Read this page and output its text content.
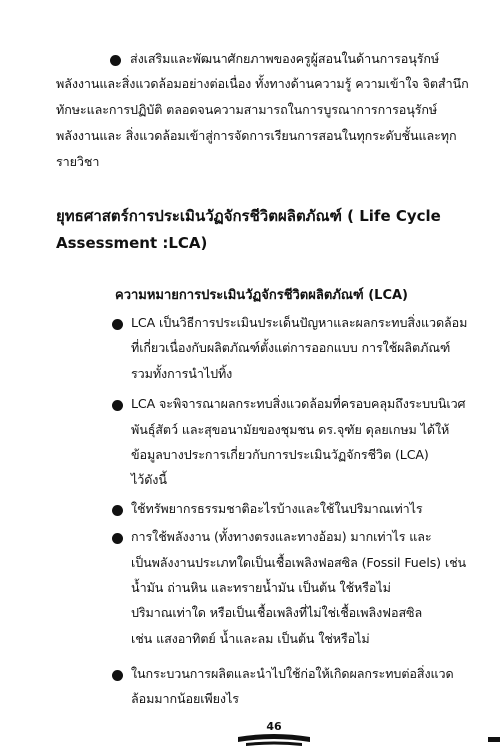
ส่งเสริมและพัฒนาศักยภาพของครูผู้สอนในด้านการอนุรักษ์
พลังงานและสิ่งแวดล้อมอย่างต่อเนื่อง ทั้งทางด้านความรู้ ความเข้าใจ จิตสำนึก
ทักษะและการปฏิบัติ ตลอดจนความสามารถในการบูรณาการการอนุรักษ์
พลังงานและ สิ่งแวดล้อมเข้าสู่การจัดการเรียนการสอนในทุกระดับชั้นและทุก
รายวิชา
ยุทธศาสตร์การประเมินวัฏจักรชีวิตผลิตภัณฑ์ ( Life Cycle
Assessment :LCA)
ความหมายการประเมินวัฏจักรชีวิตผลิตภัณฑ์ (LCA)
LCA เป็นวิธีการประเมินประเด็นปัญหาและผลกระทบสิ่งแวดล้อม
ที่เกี่ยวเนื่องกับผลิตภัณฑ์ตั้งแต่การออกแบบ การใช้ผลิตภัณฑ์
รวมทั้งการนำไปทิ้ง
LCA จะพิจารณาผลกระทบสิ่งแวดล้อมที่ครอบคลุมถึงระบบนิเวศ
พันธุ์สัตว์ และสุขอนามัยของชุมชน ดร.จุฑัย ดุลยเกษม ได้ให้
ข้อมูลบางประการเกี่ยวกับการประเมินวัฏจักรชีวิต (LCA)
ไว้ดังนี้
ใช้ทรัพยากรธรรมชาติอะไรบ้างและใช้ในปริมาณเท่าไร
การใช้พลังงาน (ทั้งทางตรงและทางอ้อม) มากเท่าไร และ
เป็นพลังงานประเภทใดเป็นเชื้อเพลิงฟอสซิล (Fossil Fuels) เช่น
น้ำมัน ถ่านหิน และทรายน้ำมัน เป็นต้น ใช้หรือไม่
ปริมาณเท่าใด หรือเป็นเชื้อเพลิงที่ไม่ใช่เชื้อเพลิงฟอสซิล
เช่น แสงอาทิตย์ น้ำและลม เป็นต้น ใช่หรือไม่
ในกระบวนการผลิตและนำไปใช้ก่อให้เกิดผลกระทบต่อสิ่งแวด
ล้อมมากน้อยเพียงไร
46
